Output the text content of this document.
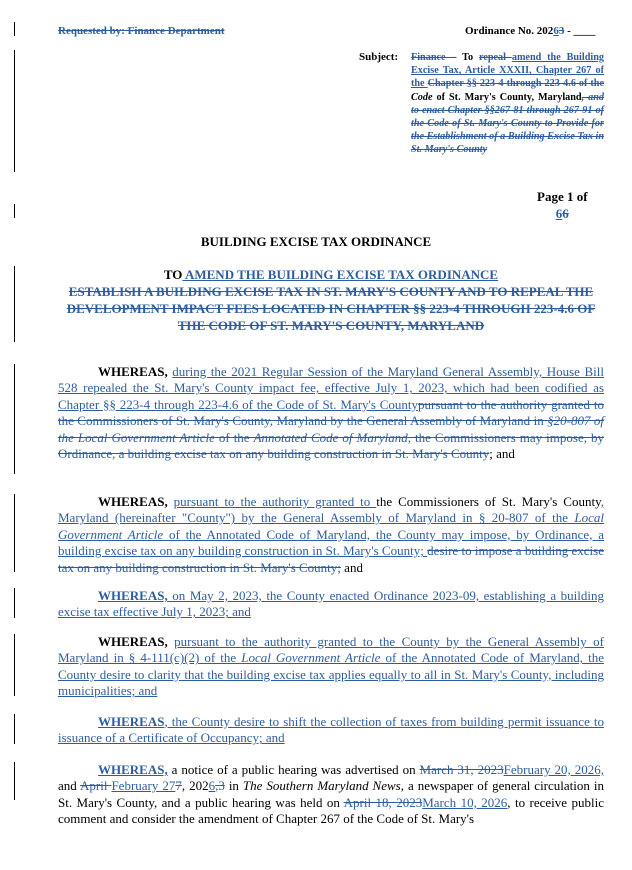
Requested by: Finance Department	Ordinance No. 20263 - ____
Subject: Finance – To repeal amend the Building Excise Tax, Article XXXII, Chapter 267 of the Chapter §§ 223-4 through 223-4.6 of the Code of St. Mary's County, Maryland, and to enact Chapter §§267-81 through 267-91 of the Code of St. Mary's County to Provide for the Establishment of a Building Excise Tax in St. Mary's County
Page 1 of
66
BUILDING EXCISE TAX ORDINANCE
TO AMEND THE BUILDING EXCISE TAX ORDINANCE
ESTABLISH A BUILDING EXCISE TAX IN ST. MARY'S COUNTY AND TO REPEAL THE DEVELOPMENT IMPACT FEES LOCATED IN CHAPTER §§ 223-4 THROUGH 223-4.6 OF THE CODE OF ST. MARY'S COUNTY, MARYLAND
WHEREAS, during the 2021 Regular Session of the Maryland General Assembly, House Bill 528 repealed the St. Mary's County impact fee, effective July 1, 2023, which had been codified as Chapter §§ 223-4 through 223-4.6 of the Code of St. Mary's Countypursuant to the authority granted to the Commissioners of St. Mary's County, Maryland by the General Assembly of Maryland in §20-807 of the Local Government Article of the Annotated Code of Maryland, the Commissioners may impose, by Ordinance, a building excise tax on any building construction in St. Mary's County; and
WHEREAS, pursuant to the authority granted to the Commissioners of St. Mary's County, Maryland (hereinafter "County") by the General Assembly of Maryland in § 20-807 of the Local Government Article of the Annotated Code of Maryland, the County may impose, by Ordinance, a building excise tax on any building construction in St. Mary's County; desire to impose a building excise tax on any building construction in St. Mary's County; and
WHEREAS, on May 2, 2023, the County enacted Ordinance 2023-09, establishing a building excise tax effective July 1, 2023; and
WHEREAS, pursuant to the authority granted to the County by the General Assembly of Maryland in § 4-111(c)(2) of the Local Government Article of the Annotated Code of Maryland, the County desire to clarity that the building excise tax applies equally to all in St. Mary's County, including municipalities; and
WHEREAS, the County desire to shift the collection of taxes from building permit issuance to issuance of a Certificate of Occupancy; and
WHEREAS, a notice of a public hearing was advertised on March 31, 2023February 20, 2026, and April February 277, 2026,3 in The Southern Maryland News, a newspaper of general circulation in St. Mary's County, and a public hearing was held on April 18, 2023March 10, 2026, to receive public comment and consider the amendment of Chapter 267 of the Code of St. Mary's
